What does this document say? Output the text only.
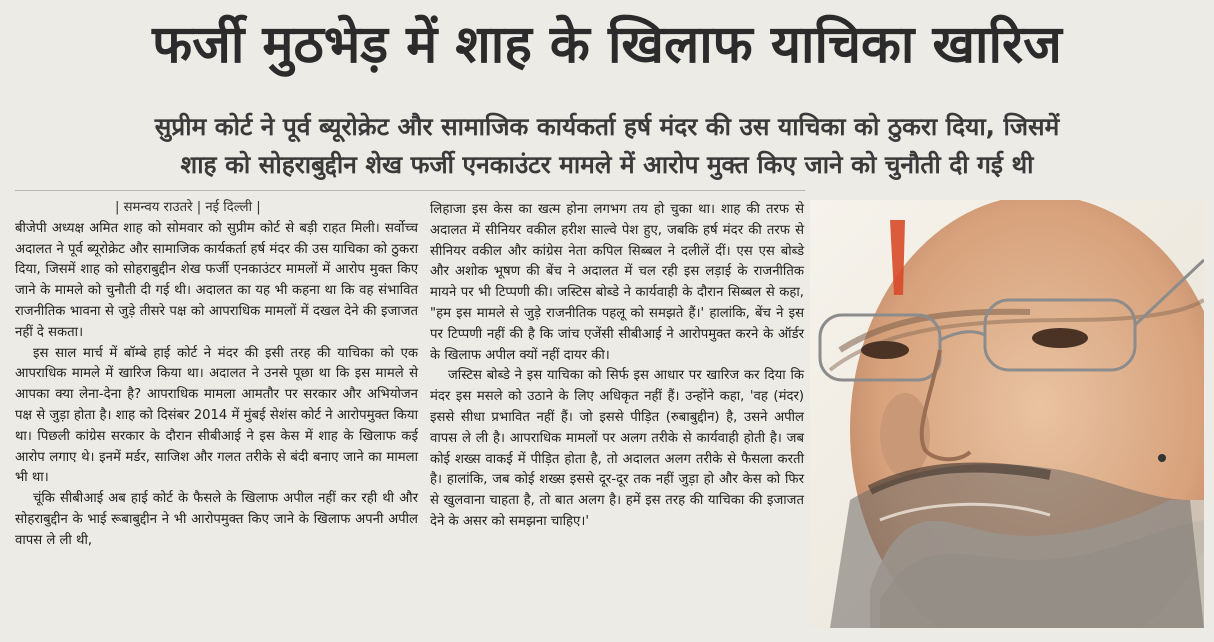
फर्जी मुठभेड़ में शाह के खिलाफ याचिका खारिज
सुप्रीम कोर्ट ने पूर्व ब्यूरोक्रेट और सामाजिक कार्यकर्ता हर्ष मंदर की उस याचिका को ठुकरा दिया, जिसमें
शाह को सोहराबुद्दीन शेख फर्जी एनकाउंटर मामले में आरोप मुक्त किए जाने को चुनौती दी गई थी
| समन्वय राउतरे | नई दिल्ली |

बीजेपी अध्यक्ष अमित शाह को सोमवार को सुप्रीम कोर्ट से बड़ी राहत मिली। सर्वोच्च अदालत ने पूर्व ब्यूरोक्रेट और सामाजिक कार्यकर्ता हर्ष मंदर की उस याचिका को ठुकरा दिया, जिसमें शाह को सोहराबुद्दीन शेख फर्जी एनकाउंटर मामलों में आरोप मुक्त किए जाने के मामले को चुनौती दी गई थी। अदालत का यह भी कहना था कि वह संभावित राजनीतिक भावना से जुड़े तीसरे पक्ष को आपराधिक मामलों में दखल देने की इजाजत नहीं दे सकता।

इस साल मार्च में बॉम्बे हाई कोर्ट ने मंदर की इसी तरह की याचिका को एक आपराधिक मामले में खारिज किया था। अदालत ने उनसे पूछा था कि इस मामले से आपका क्या लेना-देना है? आपराधिक मामला आमतौर पर सरकार और अभियोजन पक्ष से जुड़ा होता है। शाह को दिसंबर 2014 में मुंबई सेशंस कोर्ट ने आरोपमुक्त किया था। पिछली कांग्रेस सरकार के दौरान सीबीआई ने इस केस में शाह के खिलाफ कई आरोप लगाए थे। इनमें मर्डर, साजिश और गलत तरीके से बंदी बनाए जाने का मामला भी था।

चूंकि सीबीआई अब हाई कोर्ट के फैसले के खिलाफ अपील नहीं कर रही थी और सोहराबुद्दीन के भाई रूबाबुद्दीन ने भी आरोपमुक्त किए जाने के खिलाफ अपनी अपील वापस ले ली थी,

लिहाजा इस केस का खत्म होना लगभग तय हो चुका था। शाह की तरफ से अदालत में सीनियर वकील हरीश साल्वे पेश हुए, जबकि हर्ष मंदर की तरफ से सीनियर वकील और कांग्रेस नेता कपिल सिब्बल ने दलीलें दीं। एस एस बोब्डे और अशोक भूषण की बेंच ने अदालत में चल रही इस लड़ाई के राजनीतिक मायने पर भी टिप्पणी की। जस्टिस बोब्डे ने कार्यवाही के दौरान सिब्बल से कहा, "हम इस मामले से जुड़े राजनीतिक पहलू को समझते हैं।' हालांकि, बेंच ने इस पर टिप्पणी नहीं की है कि जांच एजेंसी सीबीआई ने आरोपमुक्त करने के ऑर्डर के खिलाफ अपील क्यों नहीं दायर की।

जस्टिस बोब्डे ने इस याचिका को सिर्फ इस आधार पर खारिज कर दिया कि मंदर इस मसले को उठाने के लिए अधिकृत नहीं हैं। उन्होंने कहा, 'वह (मंदर) इससे सीधा प्रभावित नहीं हैं। जो इससे पीड़ित (रुबाबुद्दीन) है, उसने अपील वापस ले ली है। आपराधिक मामलों पर अलग तरीके से कार्यवाही होती है। जब कोई शख्स वाकई में पीड़ित होता है, तो अदालत अलग तरीके से फैसला करती है। हालांकि, जब कोई शख्स इससे दूर-दूर तक नहीं जुड़ा हो और केस को फिर से खुलवाना चाहता है, तो बात अलग है। हमें इस तरह की याचिका की इजाजत देने के असर को समझना चाहिए।'
